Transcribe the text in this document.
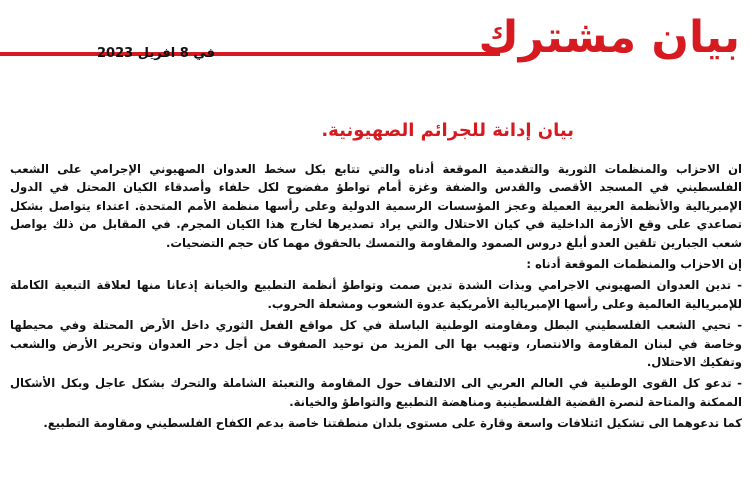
في 8 افريل 2023	بيان مشترك
بيان إدانة للجرائم الصهيونية.

ان الاحزاب والمنظمات الثورية والتقدمية الموقعة أدناه والتي تتابع بكل سخط العدوان الصهيوني الإجرامي على الشعب الفلسطيني في المسجد الأقصى والقدس والضفة وغزة أمام تواطؤ مفضوح لكل حلفاء وأصدقاء الكيان المحتل في الدول الإمبريالية والأنظمة العربية العميلة وعجز المؤسسات الرسمية الدولية وعلى رأسها منظمة الأمم المتحدة. اعتداء يتواصل بشكل تصاعدي على وقع الأزمة الداخلية في كيان الاحتلال والتي يراد تصديرها لخارج هذا الكيان المجرم. في المقابل من ذلك يواصل شعب الجبارين تلقين العدو أبلغ دروس الصمود والمقاومة والتمسك بالحقوق مهما كان حجم التضحيات.

إن الاحزاب والمنظمات الموقعة أدناه :

- تدين العدوان الصهيوني الاجرامي وبذات الشدة تدين صمت وتواطؤ أنظمة التطبيع والخيانة إذعانا منها لعلاقة التبعية الكاملة للإمبريالية العالمية وعلى رأسها الإمبريالية الأمريكية عدوة الشعوب ومشعلة الحروب.

- تحيي الشعب الفلسطيني البطل ومقاومته الوطنية الباسلة في كل مواقع الفعل الثوري داخل الأرض المحتلة وفي محيطها وخاصة في لبنان المقاومة والانتصار، وتهيب بها الى المزيد من توحيد الصفوف من أجل دحر العدوان وتحرير الأرض والشعب وتفكيك الاحتلال.

- تدعو كل القوى الوطنية في العالم العربي الى الالتفاف حول المقاومة والتعبئة الشاملة والتحرك بشكل عاجل وبكل الأشكال الممكنة والمتاحة لنصرة القضية الفلسطينية ومناهضة التطبيع والتواطؤ والخيانة.

كما تدعوهما الى تشكيل ائتلافات واسعة وقارة على مستوى بلدان منطقتنا خاصة بدعم الكفاح الفلسطيني ومقاومة التطبيع.
